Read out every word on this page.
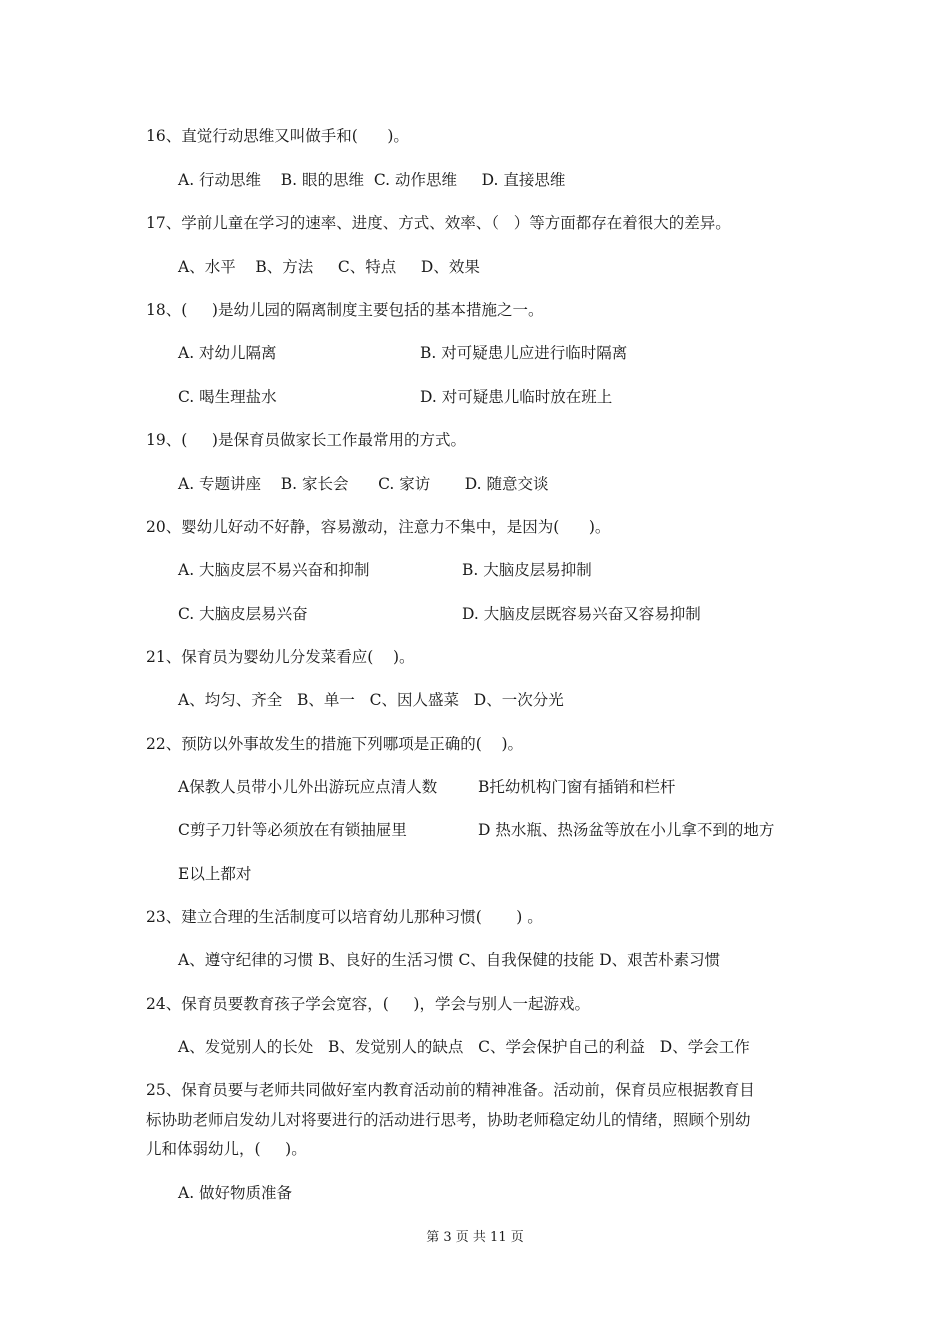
16、直觉行动思维又叫做手和(      )。
A. 行动思维    B. 眼的思维  C. 动作思维     D. 直接思维
17、学前儿童在学习的速率、进度、方式、效率、（   ）等方面都存在着很大的差异。
A、水平    B、方法     C、特点     D、效果
18、(     )是幼儿园的隔离制度主要包括的基本措施之一。
A. 对幼儿隔离	B. 对可疑患儿应进行临时隔离
C. 喝生理盐水	D. 对可疑患儿临时放在班上
19、(     )是保育员做家长工作最常用的方式。
A. 专题讲座    B. 家长会      C. 家访       D. 随意交谈
20、婴幼儿好动不好静，容易激动，注意力不集中，是因为(      )。
A. 大脑皮层不易兴奋和抑制	B. 大脑皮层易抑制
C. 大脑皮层易兴奋	D. 大脑皮层既容易兴奋又容易抑制
21、保育员为婴幼儿分发菜看应(    )。
A、均匀、齐全   B、单一   C、因人盛菜   D、一次分光
22、预防以外事故发生的措施下列哪项是正确的(    )。
A保教人员带小儿外出游玩应点清人数	B托幼机构门窗有插销和栏杆
C剪子刀针等必须放在有锁抽屉里	D 热水瓶、热汤盆等放在小儿拿不到的地方
E以上都对
23、建立合理的生活制度可以培育幼儿那种习惯(       ) 。
A、遵守纪律的习惯 B、良好的生活习惯 C、自我保健的技能 D、艰苦朴素习惯
24、保育员要教育孩子学会宽容，(     )，学会与别人一起游戏。
A、发觉别人的长处   B、发觉别人的缺点   C、学会保护自己的利益   D、学会工作
25、保育员要与老师共同做好室内教育活动前的精神准备。活动前，保育员应根据教育目
标协助老师启发幼儿对将要进行的活动进行思考，协助老师稳定幼儿的情绪，照顾个别幼
儿和体弱幼儿，(     )。
A. 做好物质准备
第 3 页 共 11 页
